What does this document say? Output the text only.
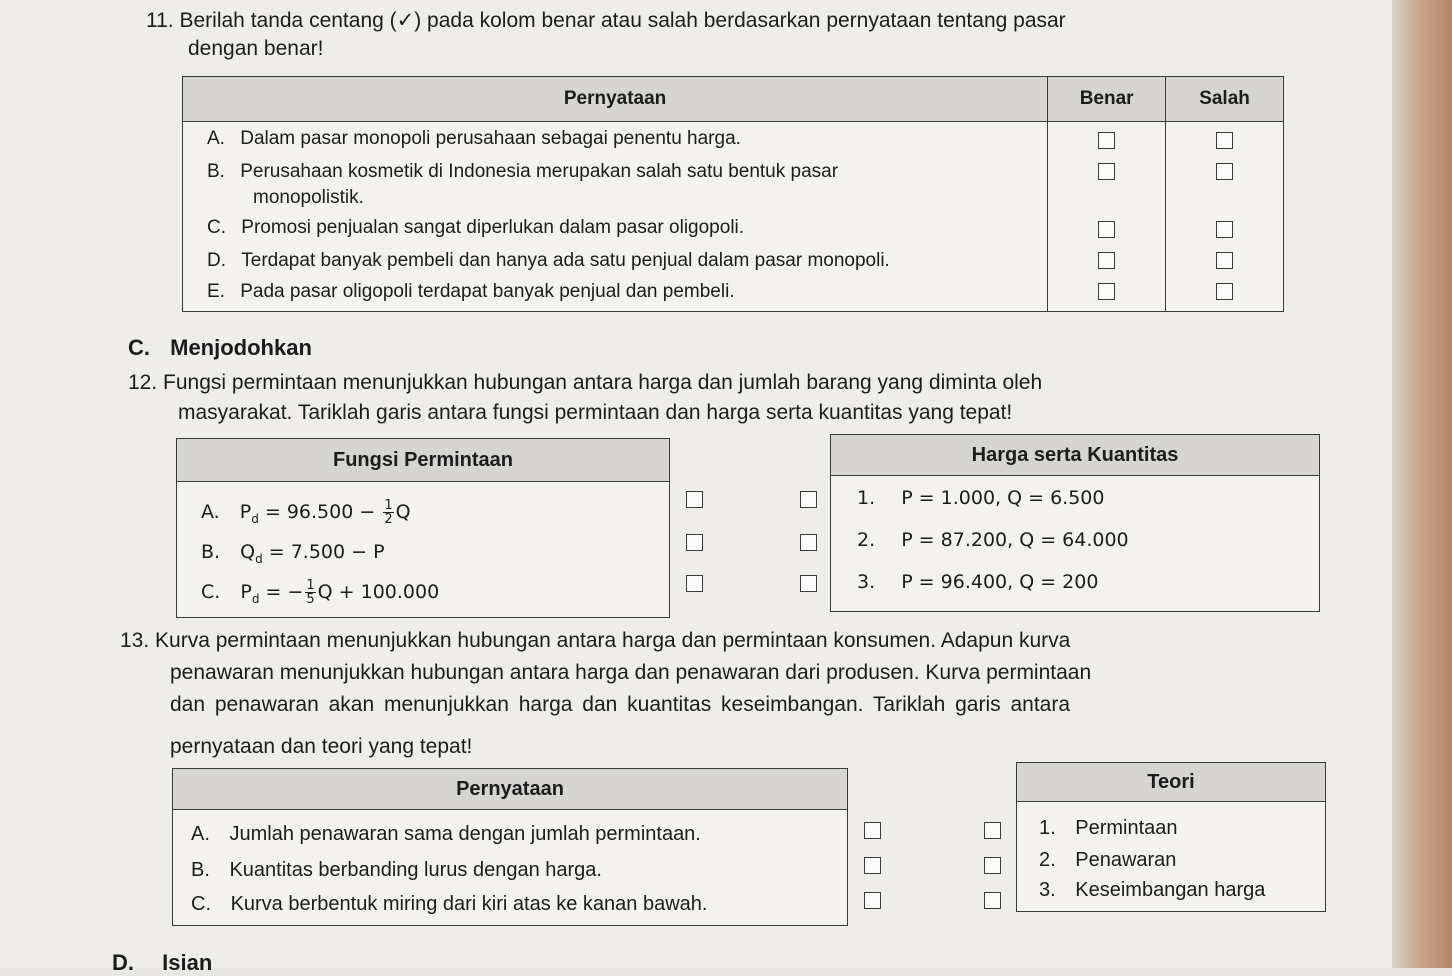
11. Berilah tanda centang (✓) pada kolom benar atau salah berdasarkan pernyataan tentang pasar
dengan benar!
Pernyataan	Benar	Salah
A. Dalam pasar monopoli perusahaan sebagai penentu harga.		
B. Perusahaan kosmetik di Indonesia merupakan salah satu bentuk pasar
monopolistik.		
C. Promosi penjualan sangat diperlukan dalam pasar oligopoli.		
D. Terdapat banyak pembeli dan hanya ada satu penjual dalam pasar monopoli.		
E. Pada pasar oligopoli terdapat banyak penjual dan pembeli.		
C. Menjodohkan
12. Fungsi permintaan menunjukkan hubungan antara harga dan jumlah barang yang diminta oleh
masyarakat. Tariklah garis antara fungsi permintaan dan harga serta kuantitas yang tepat!
Fungsi Permintaan
A. $P_d = 96.500 - \frac{1}{2}$ Q
B. $Q_d = 7.500 - P$
C. $P_d$ = − $\frac{1}{5}$ Q + 100.000
Harga serta Kuantitas
1. P = 1.000, Q = 6.500
2. P = 87.200, Q = 64.000
3. P = 96.400, Q = 200
13. Kurva permintaan menunjukkan hubungan antara harga dan permintaan konsumen. Adapun kurva
penawaran menunjukkan hubungan antara harga dan penawaran dari produsen. Kurva permintaan
dan penawaran akan menunjukkan harga dan kuantitas keseimbangan. Tariklah garis antara
pernyataan dan teori yang tepat!
Pernyataan
A. Jumlah penawaran sama dengan jumlah permintaan.
B. Kuantitas berbanding lurus dengan harga.
C. Kurva berbentuk miring dari kiri atas ke kanan bawah.
Teori
1. Permintaan
2. Penawaran
3. Keseimbangan harga
D. Isian
